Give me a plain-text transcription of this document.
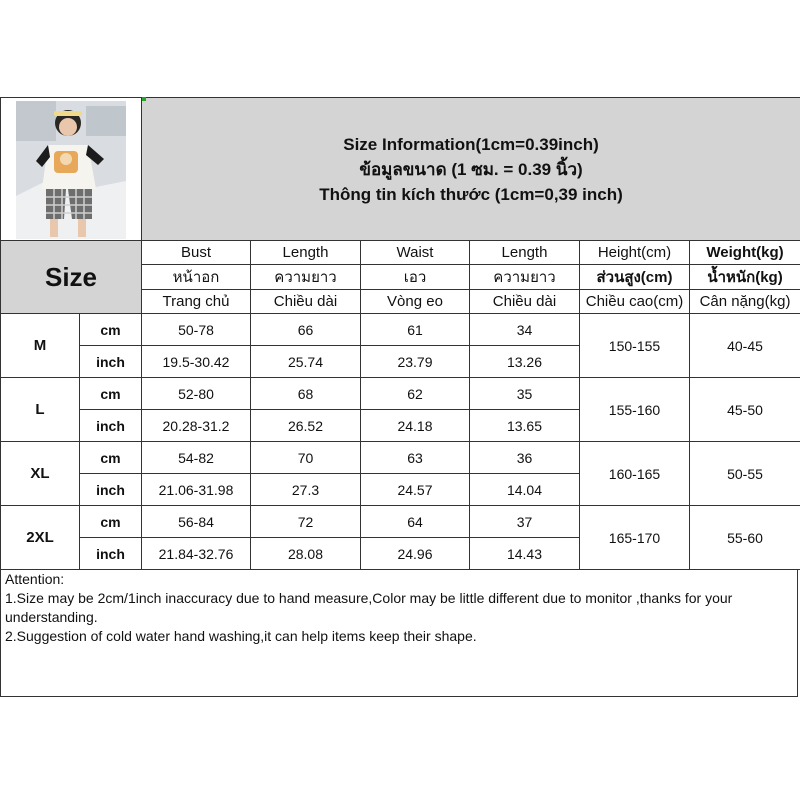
Size Information(1cm=0.39inch)
ข้อมูลขนาด (1 ซม. = 0.39 นิ้ว)
Thông tin kích thước (1cm=0,39 inch)					

Size		Bust	Length	Waist	Length	Height(cm)	Weight(kg)
		หน้าอก	ความยาว	เอว	ความยาว	ส่วนสูง(cm)	น้ำหนัก(kg)
		Trang chủ	Chiều dài	Vòng eo	Chiều dài	Chiều cao(cm)	Cân nặng(kg)
M	cm	50-78	66	61	34	150-155	40-45
	inch	19.5-30.42	25.74	23.79	13.26		
L	cm	52-80	68	62	35	155-160	45-50
	inch	20.28-31.2	26.52	24.18	13.65		
XL	cm	54-82	70	63	36	160-165	50-55
	inch	21.06-31.98	27.3	24.57	14.04		
2XL	cm	56-84	72	64	37	165-170	55-60
	inch	21.84-32.76	28.08	24.96	14.43		

Attention:

1.Size may be 2cm/1inch inaccuracy due to hand measure,Color may be little different due to monitor ,thanks for your understanding.

2.Suggestion of cold water hand washing,it can help items keep their shape.
